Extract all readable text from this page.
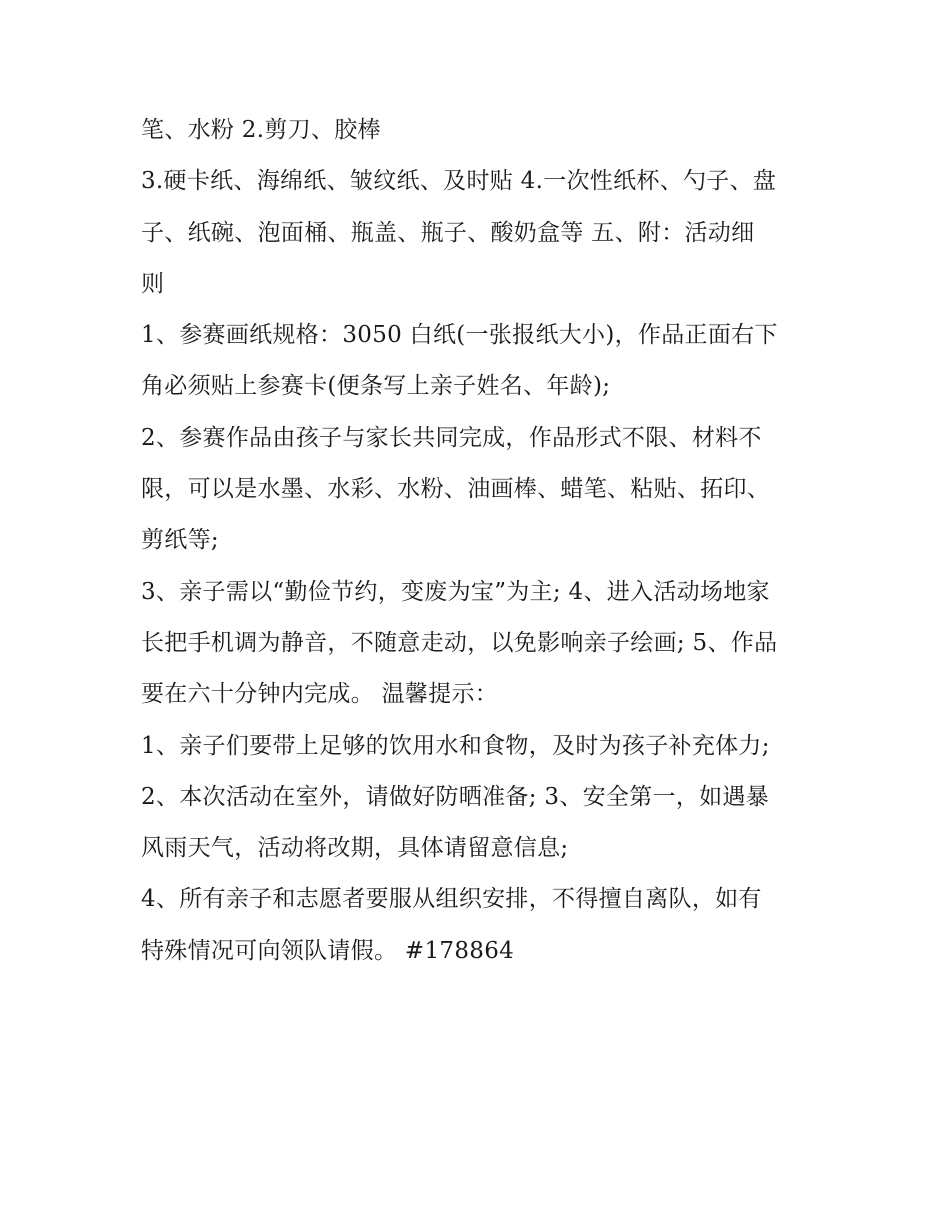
笔、水粉 2.剪刀、胶棒
3.硬卡纸、海绵纸、皱纹纸、及时贴 4.一次性纸杯、勺子、盘
子、纸碗、泡面桶、瓶盖、瓶子、酸奶盒等 五、附：活动细
则
1、参赛画纸规格：3050 白纸(一张报纸大小)，作品正面右下
角必须贴上参赛卡(便条写上亲子姓名、年龄);
2、参赛作品由孩子与家长共同完成，作品形式不限、材料不
限，可以是水墨、水彩、水粉、油画棒、蜡笔、粘贴、拓印、
剪纸等;
3、亲子需以“勤俭节约，变废为宝”为主; 4、进入活动场地家
长把手机调为静音，不随意走动，以免影响亲子绘画; 5、作品
要在六十分钟内完成。 温馨提示：
1、亲子们要带上足够的饮用水和食物，及时为孩子补充体力;
2、本次活动在室外，请做好防晒准备; 3、安全第一，如遇暴
风雨天气，活动将改期，具体请留意信息;
4、所有亲子和志愿者要服从组织安排，不得擅自离队，如有
特殊情况可向领队请假。 #178864
